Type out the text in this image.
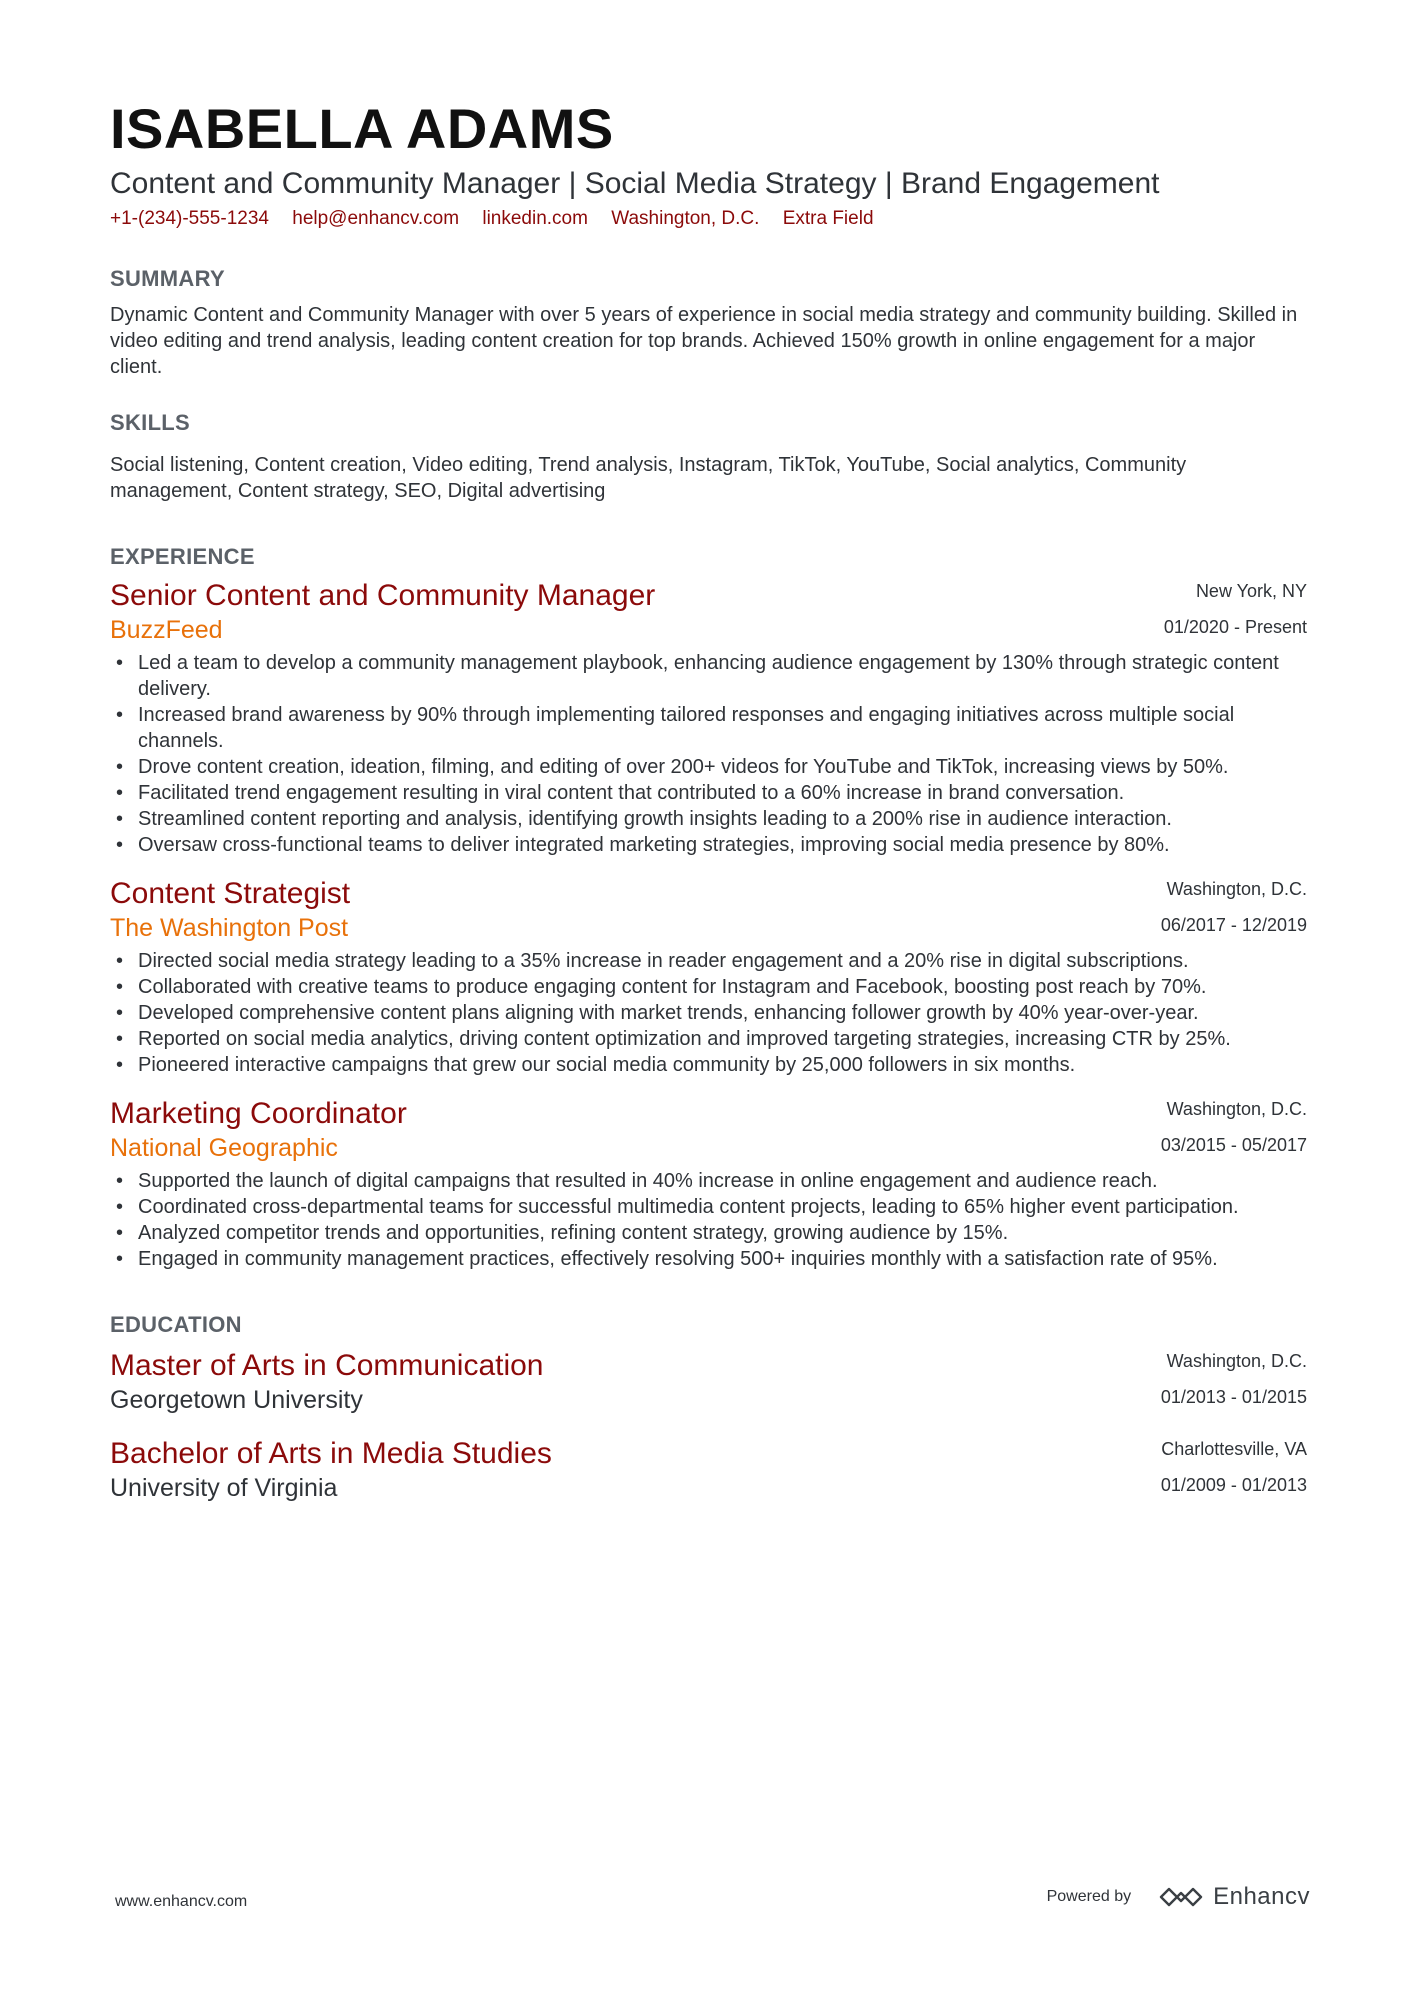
ISABELLA ADAMS
Content and Community Manager | Social Media Strategy | Brand Engagement
+1-(234)-555-1234 help@enhancv.com linkedin.com Washington, D.C. Extra Field
SUMMARY

Dynamic Content and Community Manager with over 5 years of experience in social media strategy and community building. Skilled in video editing and trend analysis, leading content creation for top brands. Achieved 150% growth in online engagement for a major client.

SKILLS

Social listening, Content creation, Video editing, Trend analysis, Instagram, TikTok, YouTube, Social analytics, Community management, Content strategy, SEO, Digital advertising

EXPERIENCE
Senior Content and Community Manager
BuzzFeed
New York, NY
01/2020 - Present
• Led a team to develop a community management playbook, enhancing audience engagement by 130% through strategic content delivery.
• Increased brand awareness by 90% through implementing tailored responses and engaging initiatives across multiple social channels.
• Drove content creation, ideation, filming, and editing of over 200+ videos for YouTube and TikTok, increasing views by 50%.
• Facilitated trend engagement resulting in viral content that contributed to a 60% increase in brand conversation.
• Streamlined content reporting and analysis, identifying growth insights leading to a 200% rise in audience interaction.
• Oversaw cross-functional teams to deliver integrated marketing strategies, improving social media presence by 80%.
Content Strategist
The Washington Post
Washington, D.C.
06/2017 - 12/2019
• Directed social media strategy leading to a 35% increase in reader engagement and a 20% rise in digital subscriptions.
• Collaborated with creative teams to produce engaging content for Instagram and Facebook, boosting post reach by 70%.
• Developed comprehensive content plans aligning with market trends, enhancing follower growth by 40% year-over-year.
• Reported on social media analytics, driving content optimization and improved targeting strategies, increasing CTR by 25%.
• Pioneered interactive campaigns that grew our social media community by 25,000 followers in six months.
Marketing Coordinator
National Geographic
Washington, D.C.
03/2015 - 05/2017
• Supported the launch of digital campaigns that resulted in 40% increase in online engagement and audience reach.
• Coordinated cross-departmental teams for successful multimedia content projects, leading to 65% higher event participation.
• Analyzed competitor trends and opportunities, refining content strategy, growing audience by 15%.
• Engaged in community management practices, effectively resolving 500+ inquiries monthly with a satisfaction rate of 95%.
EDUCATION
Master of Arts in Communication
Georgetown University
Washington, D.C.
01/2013 - 01/2015
Bachelor of Arts in Media Studies
University of Virginia
Charlottesville, VA
01/2009 - 01/2013
www.enhancv.com	Powered by	Enhancv
